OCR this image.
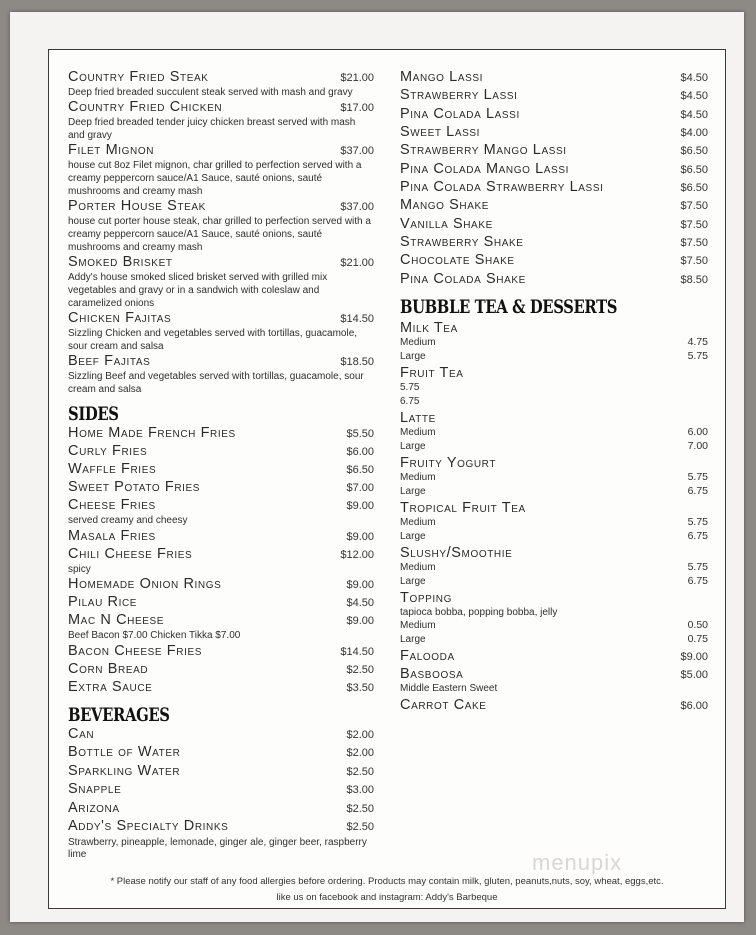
Country Fried Steak	$21.00
Deep fried breaded succulent steak served with mash and gravy
Country Fried Chicken	$17.00
Deep fried breaded tender juicy chicken breast served with mash and gravy
Filet Mignon	$37.00
house cut 8oz Filet mignon, char grilled to perfection served with a creamy peppercorn sauce/A1 Sauce, sauté onions, sauté mushrooms and creamy mash
Porter House Steak	$37.00
house cut porter house steak, char grilled to perfection served with a creamy peppercorn sauce/A1 Sauce, sauté onions, sauté mushrooms and creamy mash
Smoked Brisket	$21.00
Addy's house smoked sliced brisket served with grilled mix vegetables and gravy or in a sandwich with coleslaw and caramelized onions
Chicken Fajitas	$14.50
Sizzling Chicken and vegetables served with tortillas, guacamole, sour cream and salsa
Beef Fajitas	$18.50
Sizzling Beef and vegetables served with tortillas, guacamole, sour cream and salsa
SIDES
Home Made French Fries	$5.50
Curly Fries	$6.00
Waffle Fries	$6.50
Sweet Potato Fries	$7.00
Cheese Fries	$9.00
served creamy and cheesy
Masala Fries	$9.00
Chili Cheese Fries	$12.00
spicy
Homemade Onion Rings	$9.00
Pilau Rice	$4.50
Mac N Cheese	$9.00
Beef Bacon $7.00 Chicken Tikka $7.00
Bacon Cheese Fries	$14.50
Corn Bread	$2.50
Extra Sauce	$3.50
BEVERAGES
Can	$2.00
Bottle of Water	$2.00
Sparkling Water	$2.50
Snapple	$3.00
Arizona	$2.50
Addy's Specialty Drinks	$2.50
Strawberry, pineapple, lemonade, ginger ale, ginger beer, raspberry lime
Mango Lassi	$4.50
Strawberry Lassi	$4.50
Pina Colada Lassi	$4.50
Sweet Lassi	$4.00
Strawberry Mango Lassi	$6.50
Pina Colada Mango Lassi	$6.50
Pina Colada Strawberry Lassi	$6.50
Mango Shake	$7.50
Vanilla Shake	$7.50
Strawberry Shake	$7.50
Chocolate Shake	$7.50
Pina Colada Shake	$8.50
BUBBLE TEA & DESSERTS
Milk Tea
Medium	4.75
Large	5.75
Fruit Tea
5.75
6.75
Latte
Medium	6.00
Large	7.00
Fruity Yogurt
Medium	5.75
Large	6.75
Tropical Fruit Tea
Medium	5.75
Large	6.75
Slushy/Smoothie
Medium	5.75
Large	6.75
Topping
tapioca bobba, popping bobba, jelly
Medium	0.50
Large	0.75
Falooda	$9.00
Basboosa	$5.00
Middle Eastern Sweet
Carrot Cake	$6.00
* Please notify our staff of any food allergies before ordering. Products may contain milk, gluten, peanuts,nuts, soy, wheat, eggs,etc.
like us on facebook and instagram: Addy's Barbeque
menupix
